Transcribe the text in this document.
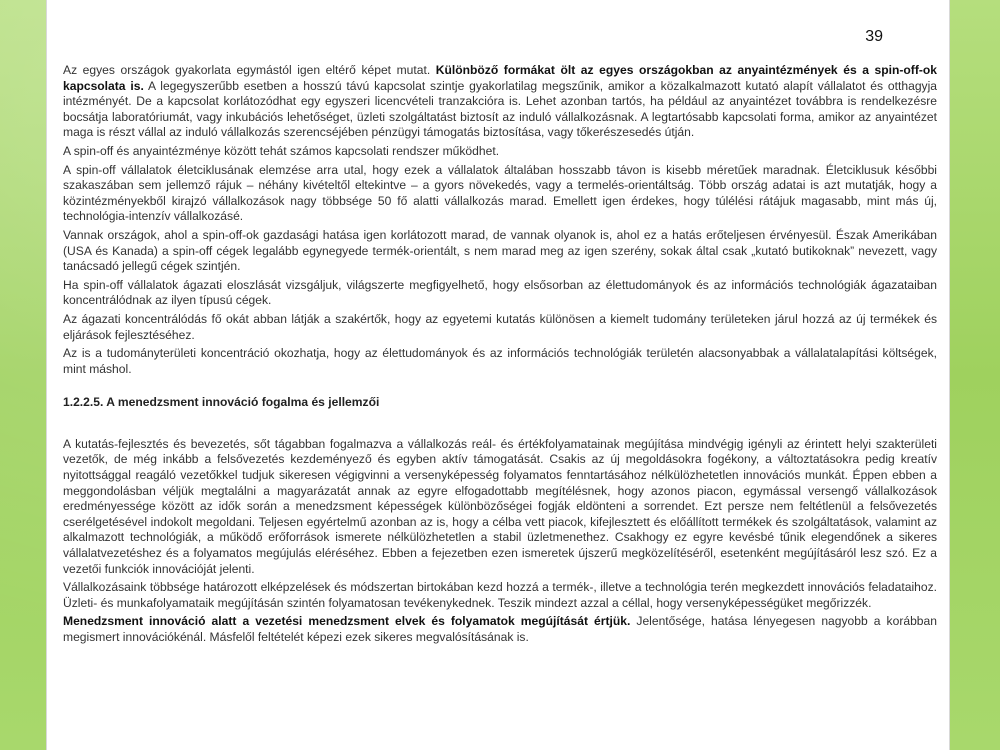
39

Az egyes országok gyakorlata egymástól igen eltérő képet mutat. Különböző formákat ölt az egyes országokban az anyaintézmények és a spin-off-ok kapcsolata is. A legegyszerűbb esetben a hosszú távú kapcsolat szintje gyakorlatilag megszűnik, amikor a közalkalmazott kutató alapít vállalatot és otthagyja intézményét. De a kapcsolat korlátozódhat egy egyszeri licencvételi tranzakcióra is. Lehet azonban tartós, ha például az anyaintézet továbbra is rendelkezésre bocsátja laboratóriumát, vagy inkubációs lehetőséget, üzleti szolgáltatást biztosít az induló vállalkozásnak. A legtartósabb kapcsolati forma, amikor az anyaintézet maga is részt vállal az induló vállalkozás szerencséjében pénzügyi támogatás biztosítása, vagy tőkerészesedés útján.

A spin-off és anyaintézménye között tehát számos kapcsolati rendszer működhet.

A spin-off vállalatok életciklusának elemzése arra utal, hogy ezek a vállalatok általában hosszabb távon is kisebb méretűek maradnak. Életciklusuk későbbi szakaszában sem jellemző rájuk – néhány kivételtől eltekintve – a gyors növekedés, vagy a termelés-orientáltság. Több ország adatai is azt mutatják, hogy a közintézményekből kirajzó vállalkozások nagy többsége 50 fő alatti vállalkozás marad. Emellett igen érdekes, hogy túlélési rátájuk magasabb, mint más új, technológia-intenzív vállalkozásé.

Vannak országok, ahol a spin-off-ok gazdasági hatása igen korlátozott marad, de vannak olyanok is, ahol ez a hatás erőteljesen érvényesül. Észak Amerikában (USA és Kanada) a spin-off cégek legalább egynegyede termék-orientált, s nem marad meg az igen szerény, sokak által csak „kutató butikoknak” nevezett, vagy tanácsadó jellegű cégek szintjén.

Ha spin-off vállalatok ágazati eloszlását vizsgáljuk, világszerte megfigyelhető, hogy elsősorban az élettudományok és az információs technológiák ágazataiban koncentrálódnak az ilyen típusú cégek.

Az ágazati koncentrálódás fő okát abban látják a szakértők, hogy az egyetemi kutatás különösen a kiemelt tudomány területeken járul hozzá az új termékek és eljárások fejlesztéséhez.

Az is a tudományterületi koncentráció okozhatja, hogy az élettudományok és az információs technológiák területén alacsonyabbak a vállalatalapítási költségek, mint máshol.

1.2.2.5. A menedzsment innováció fogalma és jellemzői

A kutatás-fejlesztés és bevezetés, sőt tágabban fogalmazva a vállalkozás reál- és értékfolyamatainak megújítása mindvégig igényli az érintett helyi szakterületi vezetők, de még inkább a felsővezetés kezdeményező és egyben aktív támogatását. Csakis az új megoldásokra fogékony, a változtatásokra pedig kreatív nyitottsággal reagáló vezetőkkel tudjuk sikeresen végigvinni a versenyképesség folyamatos fenntartásához nélkülözhetetlen innovációs munkát. Éppen ebben a meggondolásban véljük megtalálni a magyarázatát annak az egyre elfogadottabb megítélésnek, hogy azonos piacon, egymással versengő vállalkozások eredményessége között az idők során a menedzsment képességek különbözőségei fogják eldönteni a sorrendet. Ezt persze nem feltétlenül a felsővezetés cserélgetésével indokolt megoldani. Teljesen egyértelmű azonban az is, hogy a célba vett piacok, kifejlesztett és előállított termékek és szolgáltatások, valamint az alkalmazott technológiák, a működő erőforrások ismerete nélkülözhetetlen a stabil üzletmenethez. Csakhogy ez egyre kevésbé tűnik elegendőnek a sikeres vállalatvezetéshez és a folyamatos megújulás eléréséhez. Ebben a fejezetben ezen ismeretek újszerű megközelítéséről, esetenként megújításáról lesz szó. Ez a vezetői funkciók innovációját jelenti.

Vállalkozásaink többsége határozott elképzelések és módszertan birtokában kezd hozzá a termék-, illetve a technológia terén megkezdett innovációs feladataihoz. Üzleti- és munkafolyamataik megújításán szintén folyamatosan tevékenykednek. Teszik mindezt azzal a céllal, hogy versenyképességüket megőrizzék.

Menedzsment innováció alatt a vezetési menedzsment elvek és folyamatok megújítását értjük. Jelentősége, hatása lényegesen nagyobb a korábban megismert innovációkénál. Másfelől feltételét képezi ezek sikeres megvalósításának is.
